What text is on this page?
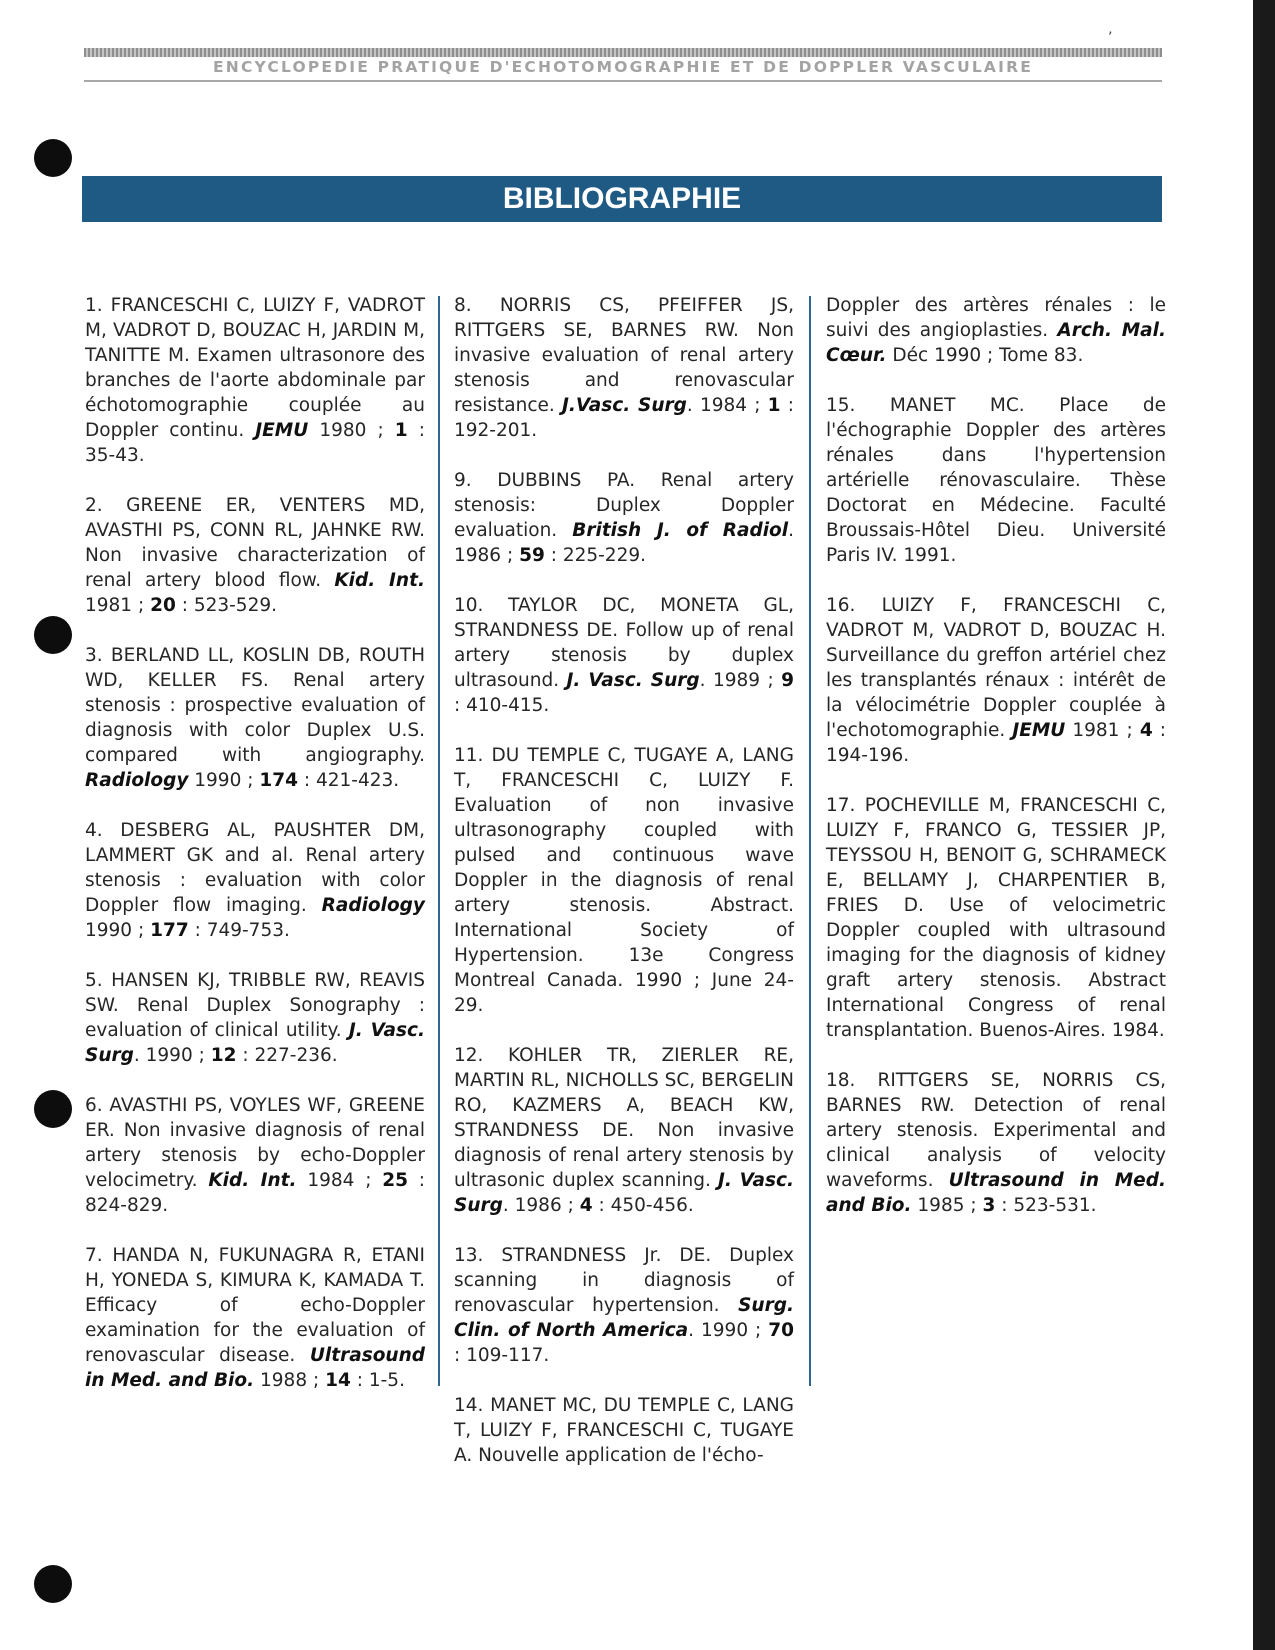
’
ENCYCLOPEDIE PRATIQUE D'ECHOTOMOGRAPHIE ET DE DOPPLER VASCULAIRE
BIBLIOGRAPHIE

1. FRANCESCHI C, LUIZY F, VADROT M, VADROT D, BOUZAC H, JARDIN M, TANITTE M. Examen ultrasonore des branches de l'aorte abdominale par échotomographie couplée au Doppler continu. JEMU 1980 ; 1 : 35-43.

2. GREENE ER, VENTERS MD, AVASTHI PS, CONN RL, JAHNKE RW. Non invasive characterization of renal artery blood flow. Kid. Int. 1981 ; 20 : 523-529.

3. BERLAND LL, KOSLIN DB, ROUTH WD, KELLER FS. Renal artery stenosis : prospective evaluation of diagnosis with color Duplex U.S. compared with angiography. Radiology 1990 ; 174 : 421-423.

4. DESBERG AL, PAUSHTER DM, LAMMERT GK and al. Renal artery stenosis : evaluation with color Doppler flow imaging. Radiology 1990 ; 177 : 749-753.

5. HANSEN KJ, TRIBBLE RW, REAVIS SW. Renal Duplex Sonography : evaluation of clinical utility. J. Vasc. Surg. 1990 ; 12 : 227-236.

6. AVASTHI PS, VOYLES WF, GREENE ER. Non invasive diagnosis of renal artery stenosis by echo-Doppler velocimetry. Kid. Int. 1984 ; 25 : 824-829.

7. HANDA N, FUKUNAGRA R, ETANI H, YONEDA S, KIMURA K, KAMADA T. Efficacy of echo-Doppler examination for the evaluation of renovascular disease. Ultrasound in Med. and Bio. 1988 ; 14 : 1-5.

8. NORRIS CS, PFEIFFER JS, RITTGERS SE, BARNES RW. Non invasive evaluation of renal artery stenosis and renovascular resistance. J.Vasc. Surg. 1984 ; 1 : 192-201.

9. DUBBINS PA. Renal artery stenosis: Duplex Doppler evaluation. British J. of Radiol. 1986 ; 59 : 225-229.

10. TAYLOR DC, MONETA GL, STRANDNESS DE. Follow up of renal artery stenosis by duplex ultrasound. J. Vasc. Surg. 1989 ; 9 : 410-415.

11. DU TEMPLE C, TUGAYE A, LANG T, FRANCESCHI C, LUIZY F. Evaluation of non invasive ultrasonography coupled with pulsed and continuous wave Doppler in the diagnosis of renal artery stenosis. Abstract. International Society of Hypertension. 13e Congress Montreal Canada. 1990 ; June 24-29.

12. KOHLER TR, ZIERLER RE, MARTIN RL, NICHOLLS SC, BERGELIN RO, KAZMERS A, BEACH KW, STRANDNESS DE. Non invasive diagnosis of renal artery stenosis by ultrasonic duplex scanning. J. Vasc. Surg. 1986 ; 4 : 450-456.

13. STRANDNESS Jr. DE. Duplex scanning in diagnosis of renovascular hypertension. Surg. Clin. of North America. 1990 ; 70 : 109-117.

14. MANET MC, DU TEMPLE C, LANG T, LUIZY F, FRANCESCHI C, TUGAYE A. Nouvelle application de l'écho-

Doppler des artères rénales : le suivi des angioplasties. Arch. Mal. Cœur. Déc 1990 ; Tome 83.

15. MANET MC. Place de l'échographie Doppler des artères rénales dans l'hypertension artérielle rénovasculaire. Thèse Doctorat en Médecine. Faculté Broussais-Hôtel Dieu. Université Paris IV. 1991.

16. LUIZY F, FRANCESCHI C, VADROT M, VADROT D, BOUZAC H. Surveillance du greffon artériel chez les transplantés rénaux : intérêt de la vélocimétrie Doppler couplée à l'echotomographie. JEMU 1981 ; 4 : 194-196.

17. POCHEVILLE M, FRANCESCHI C, LUIZY F, FRANCO G, TESSIER JP, TEYSSOU H, BENOIT G, SCHRAMECK E, BELLAMY J, CHARPENTIER B, FRIES D. Use of velocimetric Doppler coupled with ultrasound imaging for the diagnosis of kidney graft artery stenosis. Abstract International Congress of renal transplantation. Buenos-Aires. 1984.

18. RITTGERS SE, NORRIS CS, BARNES RW. Detection of renal artery stenosis. Experimental and clinical analysis of velocity waveforms. Ultrasound in Med. and Bio. 1985 ; 3 : 523-531.
